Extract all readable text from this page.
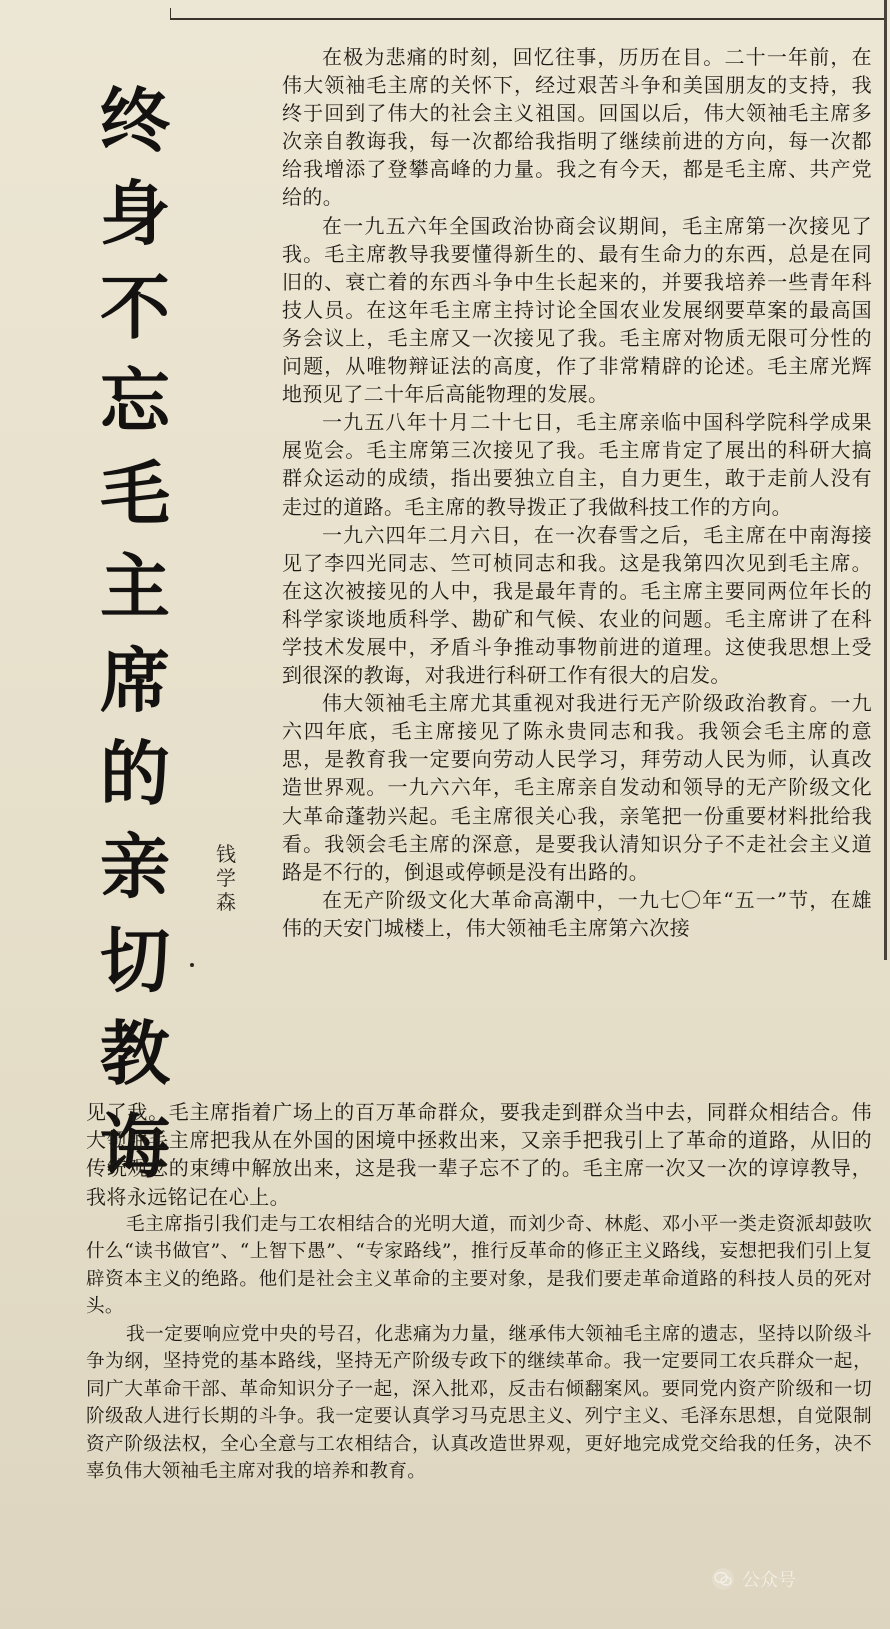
终
身
不
忘
毛
主
席
的
亲
切
教
诲
钱
学
森

在极为悲痛的时刻，回忆往事，历历在目。二十一年前，在伟大领袖毛主席的关怀下，经过艰苦斗争和美国朋友的支持，我终于回到了伟大的社会主义祖国。回国以后，伟大领袖毛主席多次亲自教诲我，每一次都给我指明了继续前进的方向，每一次都给我增添了登攀高峰的力量。我之有今天，都是毛主席、共产党给的。

在一九五六年全国政治协商会议期间，毛主席第一次接见了我。毛主席教导我要懂得新生的、最有生命力的东西，总是在同旧的、衰亡着的东西斗争中生长起来的，并要我培养一些青年科技人员。在这年毛主席主持讨论全国农业发展纲要草案的最高国务会议上，毛主席又一次接见了我。毛主席对物质无限可分性的问题，从唯物辩证法的高度，作了非常精辟的论述。毛主席光辉地预见了二十年后高能物理的发展。

一九五八年十月二十七日，毛主席亲临中国科学院科学成果展览会。毛主席第三次接见了我。毛主席肯定了展出的科研大搞群众运动的成绩，指出要独立自主，自力更生，敢于走前人没有走过的道路。毛主席的教导拨正了我做科技工作的方向。

一九六四年二月六日，在一次春雪之后，毛主席在中南海接见了李四光同志、竺可桢同志和我。这是我第四次见到毛主席。在这次被接见的人中，我是最年青的。毛主席主要同两位年长的科学家谈地质科学、勘矿和气候、农业的问题。毛主席讲了在科学技术发展中，矛盾斗争推动事物前进的道理。这使我思想上受到很深的教诲，对我进行科研工作有很大的启发。

伟大领袖毛主席尤其重视对我进行无产阶级政治教育。一九六四年底，毛主席接见了陈永贵同志和我。我领会毛主席的意思，是教育我一定要向劳动人民学习，拜劳动人民为师，认真改造世界观。一九六六年，毛主席亲自发动和领导的无产阶级文化大革命蓬勃兴起。毛主席很关心我，亲笔把一份重要材料批给我看。我领会毛主席的深意，是要我认清知识分子不走社会主义道路是不行的，倒退或停顿是没有出路的。

在无产阶级文化大革命高潮中，一九七〇年“五一”节，在雄伟的天安门城楼上，伟大领袖毛主席第六次接

见了我。毛主席指着广场上的百万革命群众，要我走到群众当中去，同群众相结合。伟大领袖毛主席把我从在外国的困境中拯救出来，又亲手把我引上了革命的道路，从旧的传统观念的束缚中解放出来，这是我一辈子忘不了的。毛主席一次又一次的谆谆教导，我将永远铭记在心上。

毛主席指引我们走与工农相结合的光明大道，而刘少奇、林彪、邓小平一类走资派却鼓吹什么“读书做官”、“上智下愚”、“专家路线”，推行反革命的修正主义路线，妄想把我们引上复辟资本主义的绝路。他们是社会主义革命的主要对象，是我们要走革命道路的科技人员的死对头。

我一定要响应党中央的号召，化悲痛为力量，继承伟大领袖毛主席的遗志，坚持以阶级斗争为纲，坚持党的基本路线，坚持无产阶级专政下的继续革命。我一定要同工农兵群众一起，同广大革命干部、革命知识分子一起，深入批邓，反击右倾翻案风。要同党内资产阶级和一切阶级敌人进行长期的斗争。我一定要认真学习马克思主义、列宁主义、毛泽东思想，自觉限制资产阶级法权，全心全意与工农相结合，认真改造世界观，更好地完成党交给我的任务，决不辜负伟大领袖毛主席对我的培养和教育。

公众号
